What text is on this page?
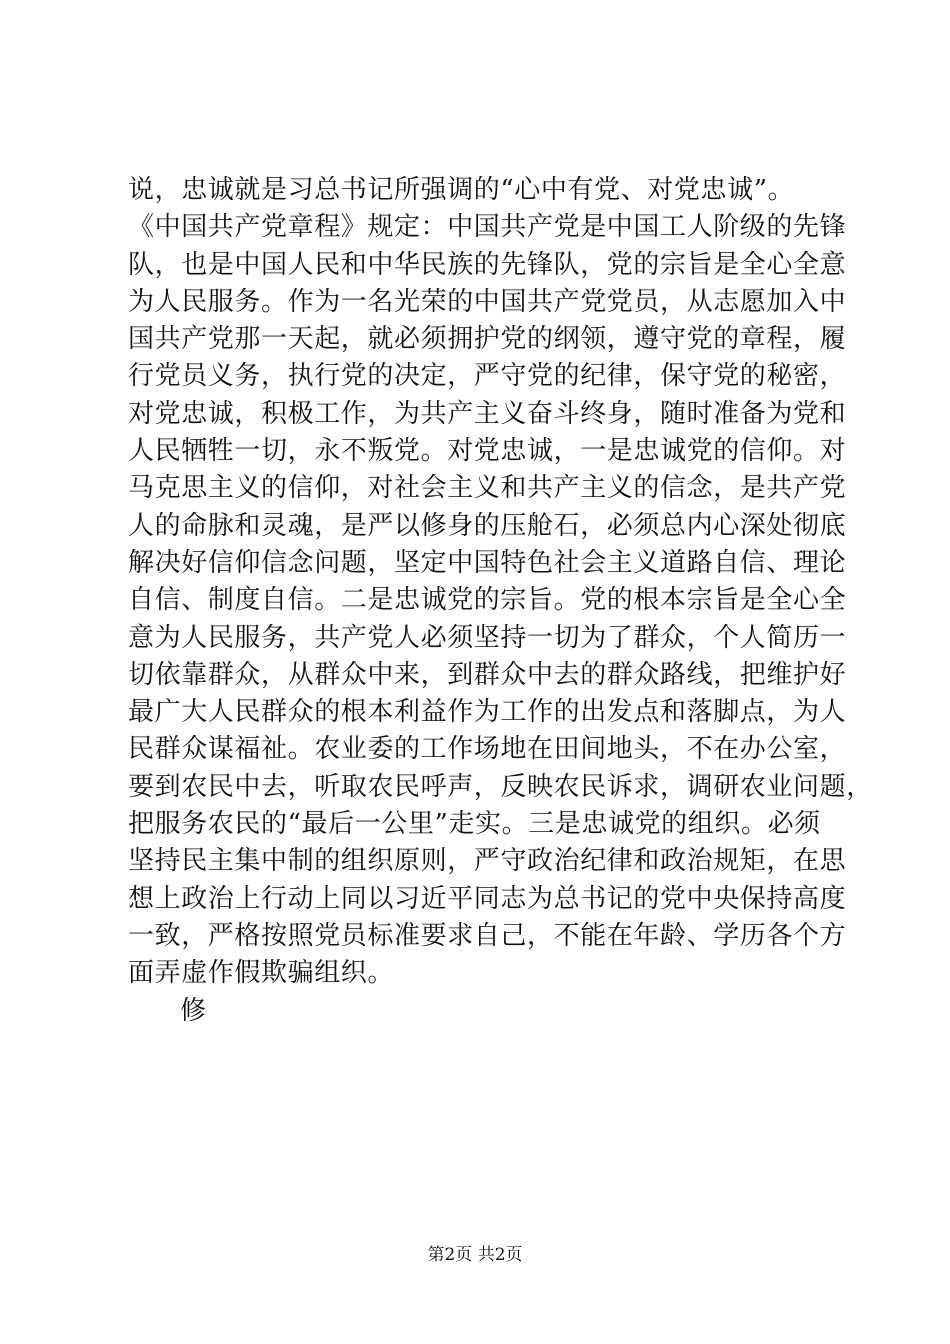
说，忠诚就是习总书记所强调的“心中有党、对党忠诚”。
《中国共产党章程》规定：中国共产党是中国工人阶级的先锋
队，也是中国人民和中华民族的先锋队，党的宗旨是全心全意
为人民服务。作为一名光荣的中国共产党党员，从志愿加入中
国共产党那一天起，就必须拥护党的纲领，遵守党的章程，履
行党员义务，执行党的决定，严守党的纪律，保守党的秘密，
对党忠诚，积极工作，为共产主义奋斗终身，随时准备为党和
人民牺牲一切，永不叛党。对党忠诚，一是忠诚党的信仰。对
马克思主义的信仰，对社会主义和共产主义的信念，是共产党
人的命脉和灵魂，是严以修身的压舱石，必须总内心深处彻底
解决好信仰信念问题，坚定中国特色社会主义道路自信、理论
自信、制度自信。二是忠诚党的宗旨。党的根本宗旨是全心全
意为人民服务，共产党人必须坚持一切为了群众，个人简历一
切依靠群众，从群众中来，到群众中去的群众路线，把维护好
最广大人民群众的根本利益作为工作的出发点和落脚点，为人
民群众谋福祉。农业委的工作场地在田间地头，不在办公室，
要到农民中去，听取农民呼声，反映农民诉求，调研农业问题，
把服务农民的“最后一公里”走实。三是忠诚党的组织。必须
坚持民主集中制的组织原则，严守政治纪律和政治规矩，在思
想上政治上行动上同以习近平同志为总书记的党中央保持高度
一致，严格按照党员标准要求自己，不能在年龄、学历各个方
面弄虚作假欺骗组织。
修
第2页 共2页
